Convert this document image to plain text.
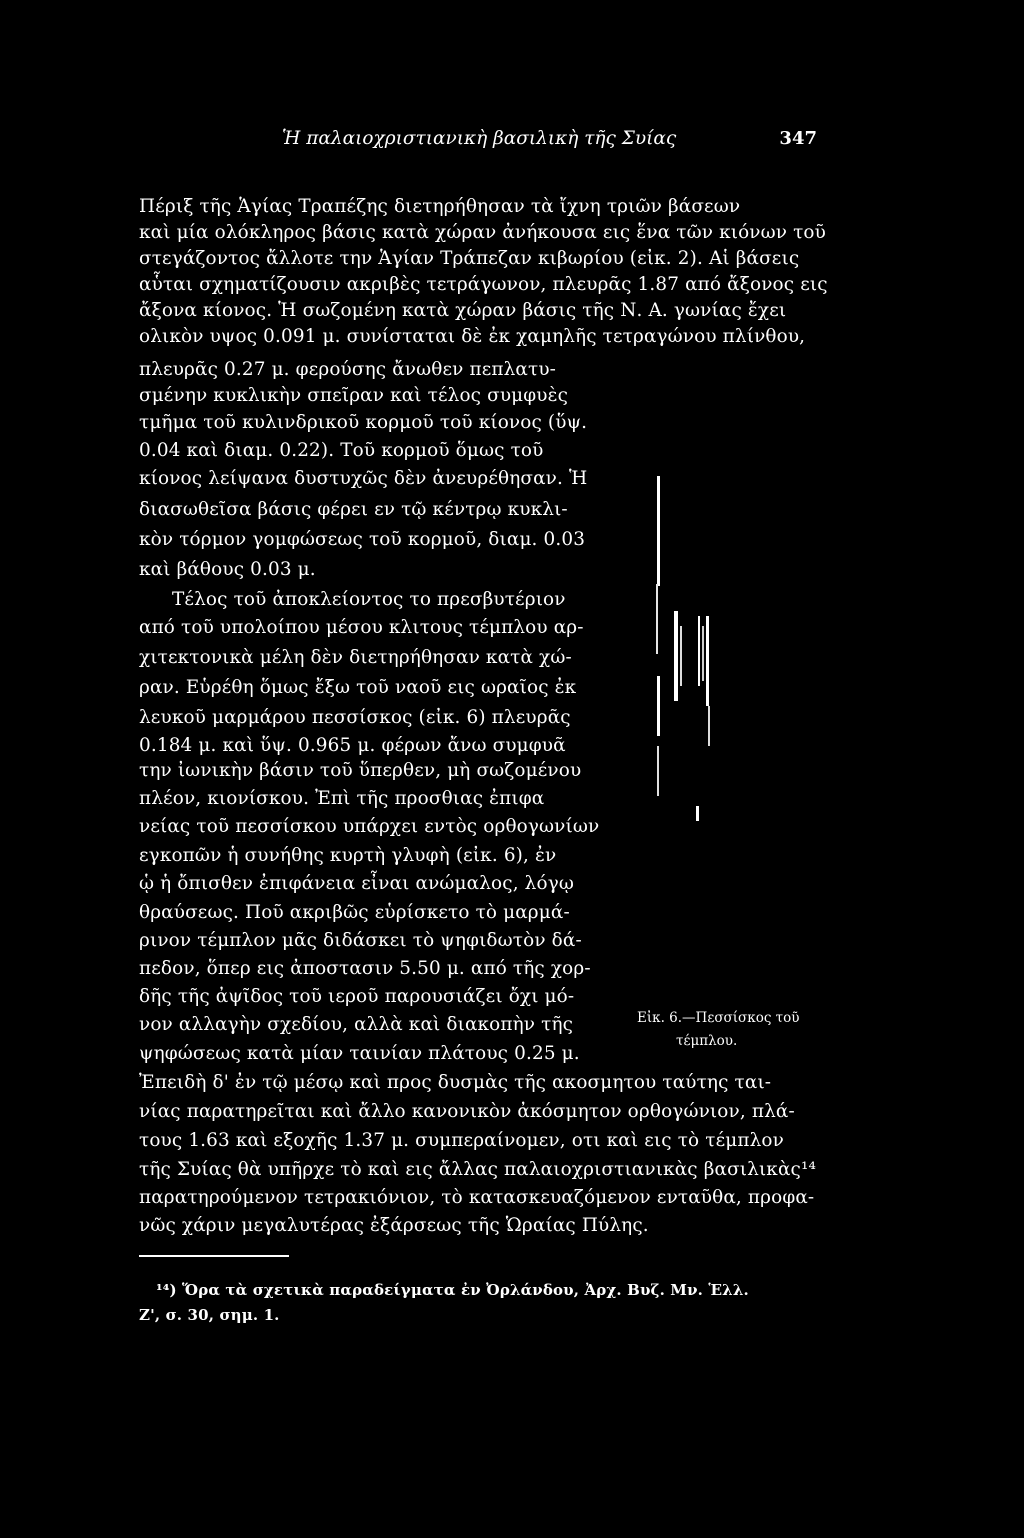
Ἡ παλαιοχριστιανικὴ βασιλικὴ τῆς Συίας	347
Πέριξ τῆς Ἁγίας Τραπέζης διετηρήθησαν τὰ ἴχνη τριῶν βάσεων
καὶ μία ολόκληρος βάσις κατὰ χώραν ἀνήκουσα εις ἕνα τῶν κιόνων τοῦ
στεγάζοντος ἄλλοτε την Ἁγίαν Τράπεζαν κιβωρίου (εἰκ. 2). Αἱ βάσεις
αὗται σχηματίζουσιν ακριβὲς τετράγωνον, πλευρᾶς 1.87 από ἄξονος εις
ἄξονα κίονος. Ἡ σωζομένη κατὰ χώραν βάσις τῆς Ν. Α. γωνίας ἔχει
ολικὸν υψος 0.091 μ. συνίσταται δὲ ἐκ χαμηλῆς τετραγώνου πλίνθου,
πλευρᾶς 0.27 μ. φερούσης ἄνωθεν πεπλατυ-
σμένην κυκλικὴν σπεῖραν καὶ τέλος συμφυὲς
τμῆμα τοῦ κυλινδρικοῦ κορμοῦ τοῦ κίονος (ὕψ.
0.04 καὶ διαμ. 0.22). Τοῦ κορμοῦ ὅμως τοῦ
κίονος λείψανα δυστυχῶς δὲν ἀνευρέθησαν. Ἡ
διασωθεῖσα βάσις φέρει εν τῷ κέντρῳ κυκλι-
κὸν τόρμον γομφώσεως τοῦ κορμοῦ, διαμ. 0.03
καὶ βάθους 0.03 μ.
Τέλος τοῦ ἀποκλείοντος το πρεσβυτέριον
από τοῦ υπολοίπου μέσου κλιτους τέμπλου αρ-
χιτεκτονικὰ μέλη δὲν διετηρήθησαν κατὰ χώ-
ραν. Εὑρέθη ὅμως ἔξω τοῦ ναοῦ εις ωραῖος ἐκ
λευκοῦ μαρμάρου πεσσίσκος (εἰκ. 6) πλευρᾶς
0.184 μ. καὶ ὕψ. 0.965 μ. φέρων ἄνω συμφυᾶ
την ἰωνικὴν βάσιν τοῦ ὕπερθεν, μὴ σωζομένου
πλέον, κιονίσκου. Ἐπὶ τῆς προσθιας ἐπιφα
νείας τοῦ πεσσίσκου υπάρχει εντὸς ορθογωνίων
εγκοπῶν ἡ συνήθης κυρτὴ γλυφὴ (εἰκ. 6), ἐν
ᾡ ἡ ὄπισθεν ἐπιφάνεια εἶναι ανώμαλος, λόγῳ
θραύσεως. Ποῦ ακριβῶς εὑρίσκετο τὸ μαρμά-
ρινον τέμπλον μᾶς διδάσκει τὸ ψηφιδωτὸν δά-
πεδον, ὅπερ εις ἀποστασιν 5.50 μ. από τῆς χορ-
δῆς τῆς ἀψῖδος τοῦ ιεροῦ παρουσιάζει ὄχι μό-
νον αλλαγὴν σχεδίου, αλλὰ καὶ διακοπὴν τῆς
ψηφώσεως κατὰ μίαν ταινίαν πλάτους 0.25 μ.
Ἐπειδὴ δ' ἐν τῷ μέσῳ καὶ προς δυσμὰς τῆς ακοσμητου ταύτης ται-
νίας παρατηρεῖται καὶ ἄλλο κανονικὸν ἀκόσμητον ορθογώνιον, πλά-
τους 1.63 καὶ εξοχῆς 1.37 μ. συμπεραίνομεν, οτι καὶ εις τὸ τέμπλον
τῆς Συίας θὰ υπῆρχε τὸ καὶ εις ἄλλας παλαιοχριστιανικὰς βασιλικὰς¹⁴
παρατηρούμενον τετρακιόνιον, τὸ κατασκευαζόμενον ενταῦθα, προφα-
νῶς χάριν μεγαλυτέρας ἐξάρσεως τῆς Ὡραίας Πύλης.
Εἰκ. 6.—Πεσσίσκος τοῦ
τέμπλου.
¹⁴) Ὅρα τὰ σχετικὰ παραδείγματα ἐν Ὀρλάνδου, Ἀρχ. Βυζ. Μν. Ἑλλ.
Ζ', σ. 30, σημ. 1.
